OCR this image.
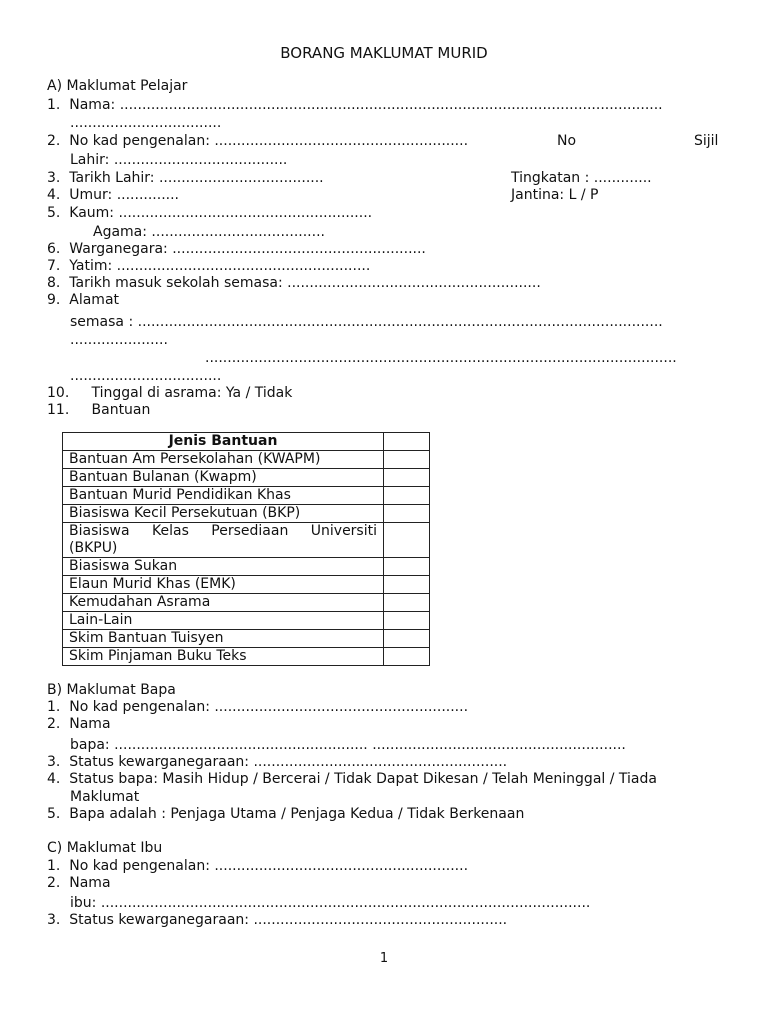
BORANG MAKLUMAT MURID
A) Maklumat Pelajar
1.  Nama: ..........................................................................................................................
..................................
2.  No kad pengenalan: .........................................................	No	Sijil
Lahir: .......................................
3.  Tarikh Lahir: .....................................	Tingkatan : .............
4.  Umur: ..............	Jantina: L / P
5.  Kaum: .........................................................
Agama: .......................................
6.  Warganegara: .........................................................
7.  Yatim: .........................................................
8.  Tarikh masuk sekolah semasa: .........................................................
9.  Alamat
semasa : ......................................................................................................................
......................
..........................................................................................................
..................................
10.     Tinggal di asrama: Ya / Tidak
11.     Bantuan
Jenis Bantuan	
Bantuan Am Persekolahan (KWAPM)	
Bantuan Bulanan (Kwapm)	
Bantuan Murid Pendidikan Khas	
Biasiswa Kecil Persekutuan (BKP)	

Biasiswa Kelas Persediaan Universiti
(BKPU)	

Biasiswa Sukan	
Elaun Murid Khas (EMK)	
Kemudahan Asrama	
Lain-Lain	
Skim Bantuan Tuisyen	
Skim Pinjaman Buku Teks	
B) Maklumat Bapa
1.  No kad pengenalan: .........................................................
2.  Nama
bapa: ......................................................... .........................................................
3.  Status kewarganegaraan: .........................................................
4.  Status bapa: Masih Hidup / Bercerai / Tidak Dapat Dikesan / Telah Meninggal / Tiada
Maklumat
5.  Bapa adalah : Penjaga Utama / Penjaga Kedua / Tidak Berkenaan
C) Maklumat Ibu
1.  No kad pengenalan: .........................................................
2.  Nama
ibu: ..............................................................................................................
3.  Status kewarganegaraan: .........................................................
1
